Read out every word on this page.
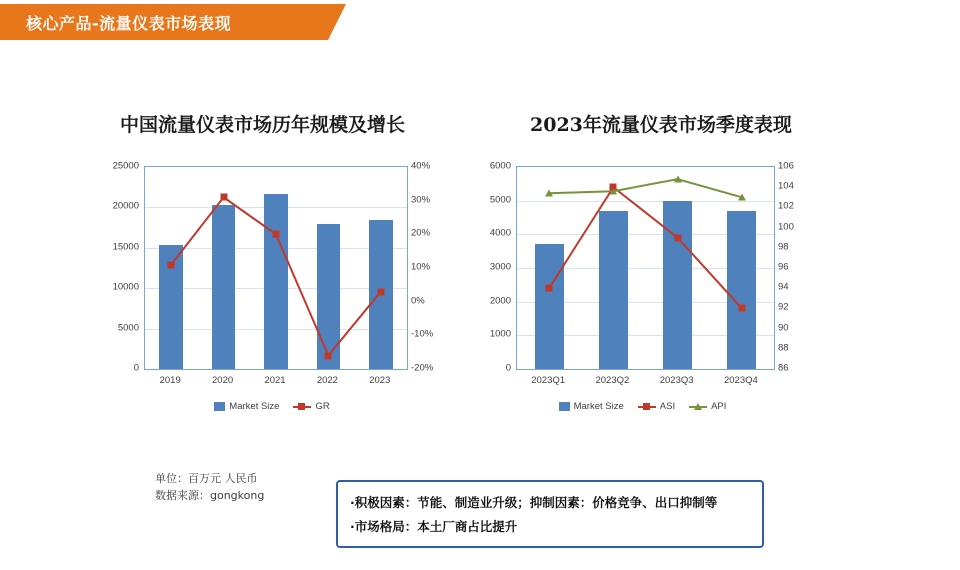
核心产品-流量仪表市场表现
中国流量仪表市场历年规模及增长	2023年流量仪表市场季度表现
0
5000
10000
15000
20000
25000
-20%
-10%
0%
10%
20%
30%
40%
2019	2020	2021	2022	2023
Market Size	GR
0
1000
2000
3000
4000
5000
6000
86
88
90
92
94
96
98
100
102
104
106
2023Q1	2023Q2	2023Q3	2023Q4
Market Size	ASI	API
单位：百万元 人民币
数据来源：gongkong	·积极因素：节能、制造业升级；抑制因素：价格竞争、出口抑制等
·市场格局：本土厂商占比提升
